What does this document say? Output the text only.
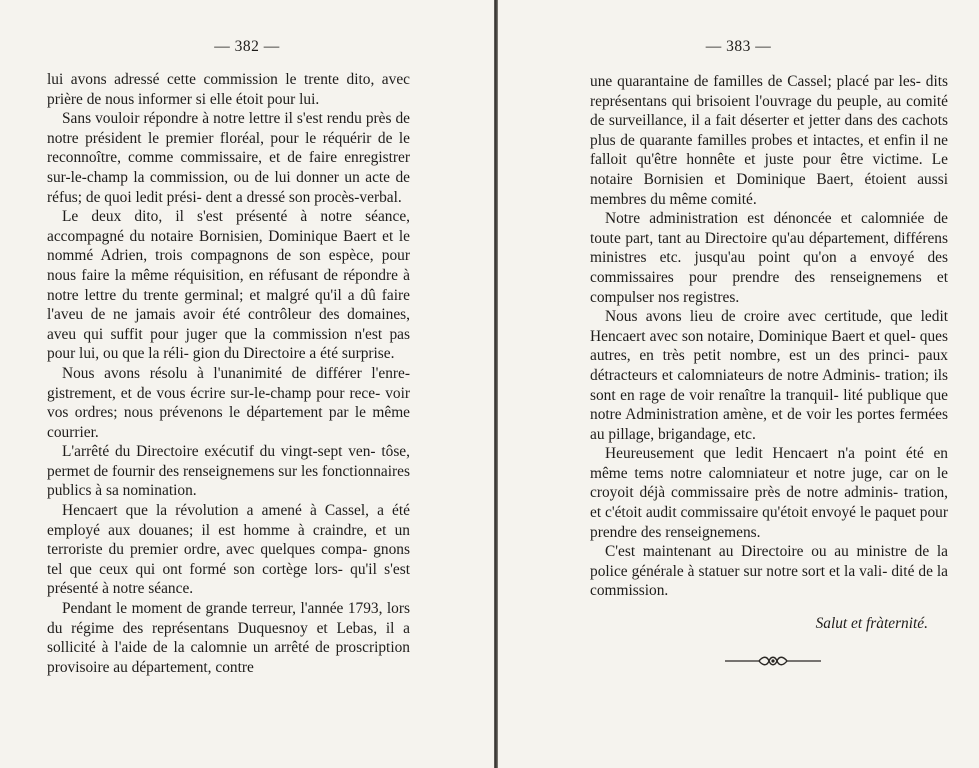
— 382 —

lui avons adressé cette commission le trente dito, avec prière de nous informer si elle étoit pour lui.

Sans vouloir répondre à notre lettre il s'est rendu près de notre président le premier floréal, pour le réquérir de le reconnoître, comme commissaire, et de faire enregistrer sur-le-champ la commission, ou de lui donner un acte de réfus; de quoi ledit prési- dent a dressé son procès-verbal.

Le deux dito, il s'est présenté à notre séance, accompagné du notaire Bornisien, Dominique Baert et le nommé Adrien, trois compagnons de son espèce, pour nous faire la même réquisition, en réfusant de répondre à notre lettre du trente germinal; et malgré qu'il a dû faire l'aveu de ne jamais avoir été contrôleur des domaines, aveu qui suffit pour juger que la commission n'est pas pour lui, ou que la réli- gion du Directoire a été surprise.

Nous avons résolu à l'unanimité de différer l'enre- gistrement, et de vous écrire sur-le-champ pour rece- voir vos ordres; nous prévenons le département par le même courrier.

L'arrêté du Directoire exécutif du vingt-sept ven- tôse, permet de fournir des renseignemens sur les fonctionnaires publics à sa nomination.

Hencaert que la révolution a amené à Cassel, a été employé aux douanes; il est homme à craindre, et un terroriste du premier ordre, avec quelques compa- gnons tel que ceux qui ont formé son cortège lors- qu'il s'est présenté à notre séance.

Pendant le moment de grande terreur, l'année 1793, lors du régime des représentans Duquesnoy et Lebas, il a sollicité à l'aide de la calomnie un arrêté de proscription provisoire au département, contre

— 383 —

une quarantaine de familles de Cassel; placé par les- dits représentans qui brisoient l'ouvrage du peuple, au comité de surveillance, il a fait déserter et jetter dans des cachots plus de quarante familles probes et intactes, et enfin il ne falloit qu'être honnête et juste pour être victime. Le notaire Bornisien et Dominique Baert, étoient aussi membres du même comité.

Notre administration est dénoncée et calomniée de toute part, tant au Directoire qu'au département, différens ministres etc. jusqu'au point qu'on a envoyé des commissaires pour prendre des renseignemens et compulser nos registres.

Nous avons lieu de croire avec certitude, que ledit Hencaert avec son notaire, Dominique Baert et quel- ques autres, en très petit nombre, est un des princi- paux détracteurs et calomniateurs de notre Adminis- tration; ils sont en rage de voir renaître la tranquil- lité publique que notre Administration amène, et de voir les portes fermées au pillage, brigandage, etc.

Heureusement que ledit Hencaert n'a point été en même tems notre calomniateur et notre juge, car on le croyoit déjà commissaire près de notre adminis- tration, et c'étoit audit commissaire qu'étoit envoyé le paquet pour prendre des renseignemens.

C'est maintenant au Directoire ou au ministre de la police générale à statuer sur notre sort et la vali- dité de la commission.

Salut et fràternité.
